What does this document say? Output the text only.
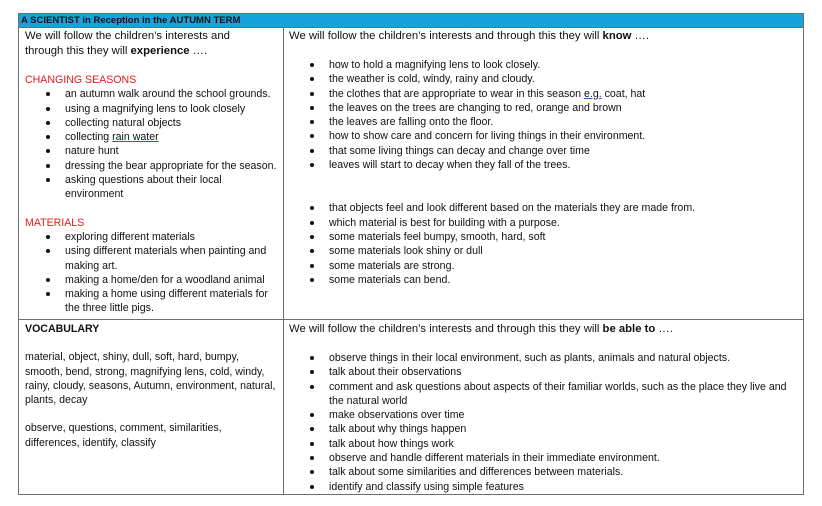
A SCIENTIST in Reception in the AUTUMN TERM
We will follow the children’s interests and
through this they will experience ….
CHANGING SEASONS
an autumn walk around the school grounds.
using a magnifying lens to look closely
collecting natural objects
collecting rain water
nature hunt
dressing the bear appropriate for the season.
asking questions about their local environment
MATERIALS
exploring different materials
using different materials when painting and making art.
making a home/den for a woodland animal
making a home using different materials for the three little pigs.
We will follow the children’s interests and through this they will know ….
how to hold a magnifying lens to look closely.
the weather is cold, windy, rainy and cloudy.
the clothes that are appropriate to wear in this season e.g. coat, hat
the leaves on the trees are changing to red, orange and brown
the leaves are falling onto the floor.
how to show care and concern for living things in their environment.
that some living things can decay and change over time
leaves will start to decay when they fall of the trees.
that objects feel and look different based on the materials they are made from.
which material is best for building with a purpose.
some materials feel bumpy, smooth, hard, soft
some materials look shiny or dull
some materials are strong.
some materials can bend.
VOCABULARY
material, object, shiny, dull, soft, hard, bumpy, smooth, bend, strong, magnifying lens, cold, windy, rainy, cloudy, seasons, Autumn, environment, natural, plants, decay
observe, questions, comment, similarities, differences, identify, classify
We will follow the children’s interests and through this they will be able to ….
observe things in their local environment, such as plants, animals and natural objects.
talk about their observations
comment and ask questions about aspects of their familiar worlds, such as the place they live and the natural world
make observations over time
talk about why things happen
talk about how things work
observe and handle different materials in their immediate environment.
talk about some similarities and differences between materials.
identify and classify using simple features
